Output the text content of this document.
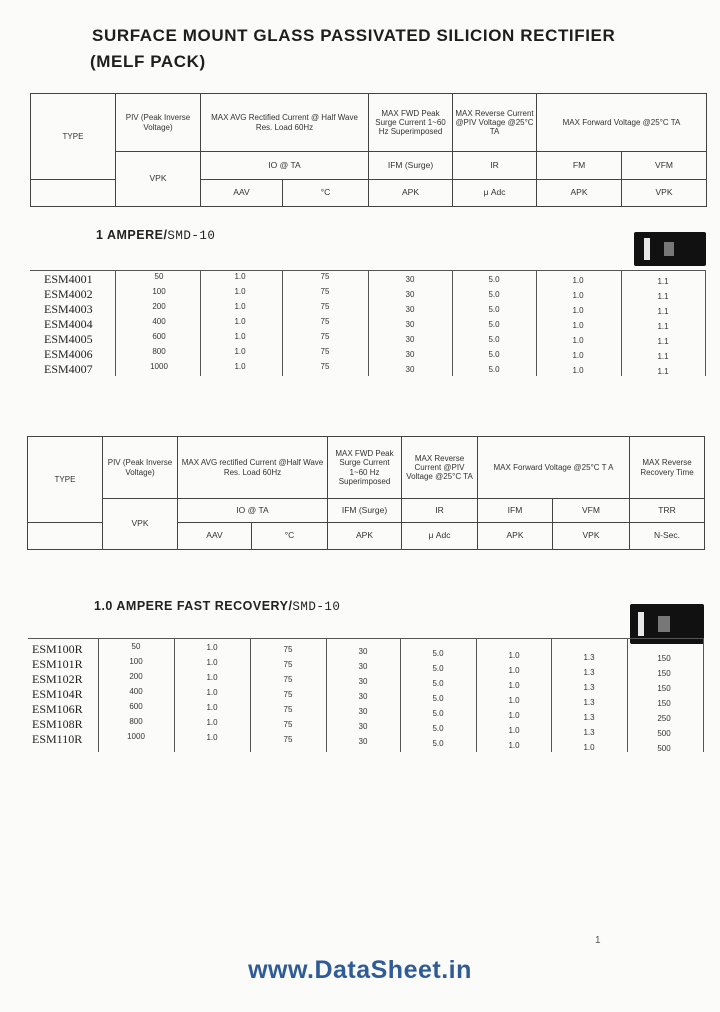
SURFACE MOUNT GLASS PASSIVATED SILICION RECTIFIER
(MELF PACK)
TYPE	PIV (Peak Inverse Voltage)	MAX AVG Rectified Current @ Half Wave Res. Load 60Hz		MAX FWD Peak Surge Current 1~60 Hz Superimposed	MAX Reverse Current @PIV Voltage @25°C TA	MAX Forward Voltage @25°C TA	
	VPK	IO @ TA		IFM (Surge)	IR	FM	VFM
		AAV	°C	APK	μ Adc	APK	VPK
1 AMPERE/SMD-10
ESM4001	50	1.0	75	30	5.0	1.0	1.1
ESM4002	100	1.0	75	30	5.0	1.0	1.1
ESM4003	200	1.0	75	30	5.0	1.0	1.1
ESM4004	400	1.0	75	30	5.0	1.0	1.1
ESM4005	600	1.0	75	30	5.0	1.0	1.1
ESM4006	800	1.0	75	30	5.0	1.0	1.1
ESM4007	1000	1.0	75	30	5.0	1.0	1.1
TYPE	PIV (Peak Inverse Voltage)	MAX AVG rectified Current @Half Wave Res. Load 60Hz		MAX FWD Peak Surge Current 1~60 Hz Superimposed	MAX Reverse Current @PIV Voltage @25°C TA	MAX Forward Voltage @25°C T A		MAX Reverse Recovery Time
	VPK	IO @ TA		IFM (Surge)	IR	IFM	VFM	TRR
		AAV	°C	APK	μ Adc	APK	VPK	N-Sec.
1.0 AMPERE FAST RECOVERY/SMD-10
ESM100R	50	1.0	75	30	5.0	1.0	1.3	150
ESM101R	100	1.0	75	30	5.0	1.0	1.3	150
ESM102R	200	1.0	75	30	5.0	1.0	1.3	150
ESM104R	400	1.0	75	30	5.0	1.0	1.3	150
ESM106R	600	1.0	75	30	5.0	1.0	1.3	250
ESM108R	800	1.0	75	30	5.0	1.0	1.3	500
ESM110R	1000	1.0	75	30	5.0	1.0	1.0	500
1
www.DataSheet.in
